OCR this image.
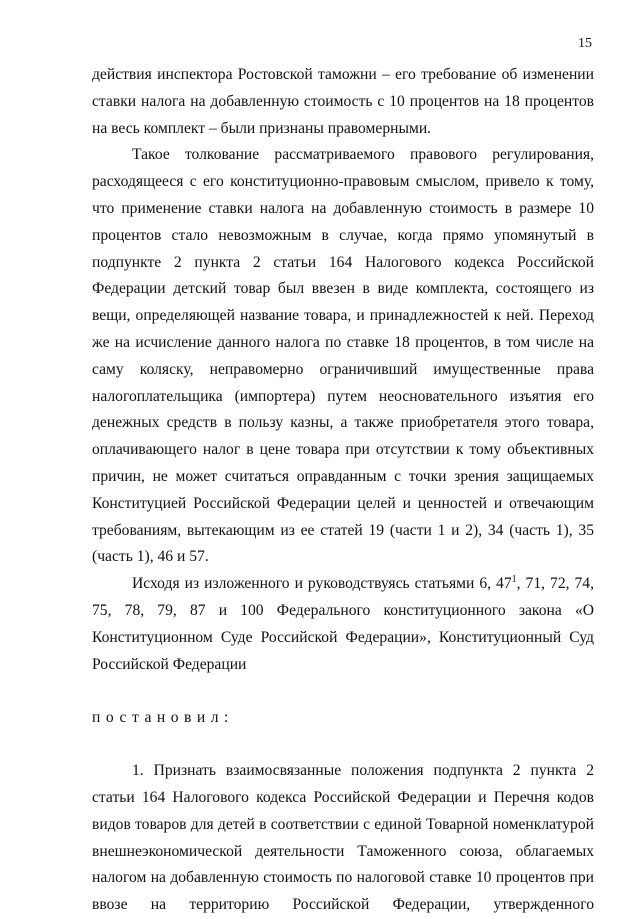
15

действия инспектора Ростовской таможни – его требование об изменении ставки налога на добавленную стоимость с 10 процентов на 18 процентов на весь комплект – были признаны правомерными.

Такое толкование рассматриваемого правового регулирования, расходящееся с его конституционно-правовым смыслом, привело к тому, что применение ставки налога на добавленную стоимость в размере 10 процентов стало невозможным в случае, когда прямо упомянутый в подпункте 2 пункта 2 статьи 164 Налогового кодекса Российской Федерации детский товар был ввезен в виде комплекта, состоящего из вещи, определяющей название товара, и принадлежностей к ней. Переход же на исчисление данного налога по ставке 18 процентов, в том числе на саму коляску, неправомерно ограничивший имущественные права налогоплательщика (импортера) путем неосновательного изъятия его денежных средств в пользу казны, а также приобретателя этого товара, оплачивающего налог в цене товара при отсутствии к тому объективных причин, не может считаться оправданным с точки зрения защищаемых Конституцией Российской Федерации целей и ценностей и отвечающим требованиям, вытекающим из ее статей 19 (части 1 и 2), 34 (часть 1), 35 (часть 1), 46 и 57.

Исходя из изложенного и руководствуясь статьями 6, $47^1$, 71, 72, 74, 75, 78, 79, 87 и 100 Федерального конституционного закона «О Конституционном Суде Российской Федерации», Конституционный Суд Российской Федерации

постановил:

1. Признать взаимосвязанные положения подпункта 2 пункта 2 статьи 164 Налогового кодекса Российской Федерации и Перечня кодов видов товаров для детей в соответствии с единой Товарной номенклатурой внешнеэкономической деятельности Таможенного союза, облагаемых налогом на добавленную стоимость по налоговой ставке 10 процентов при ввозе на территорию Российской Федерации, утвержденного
